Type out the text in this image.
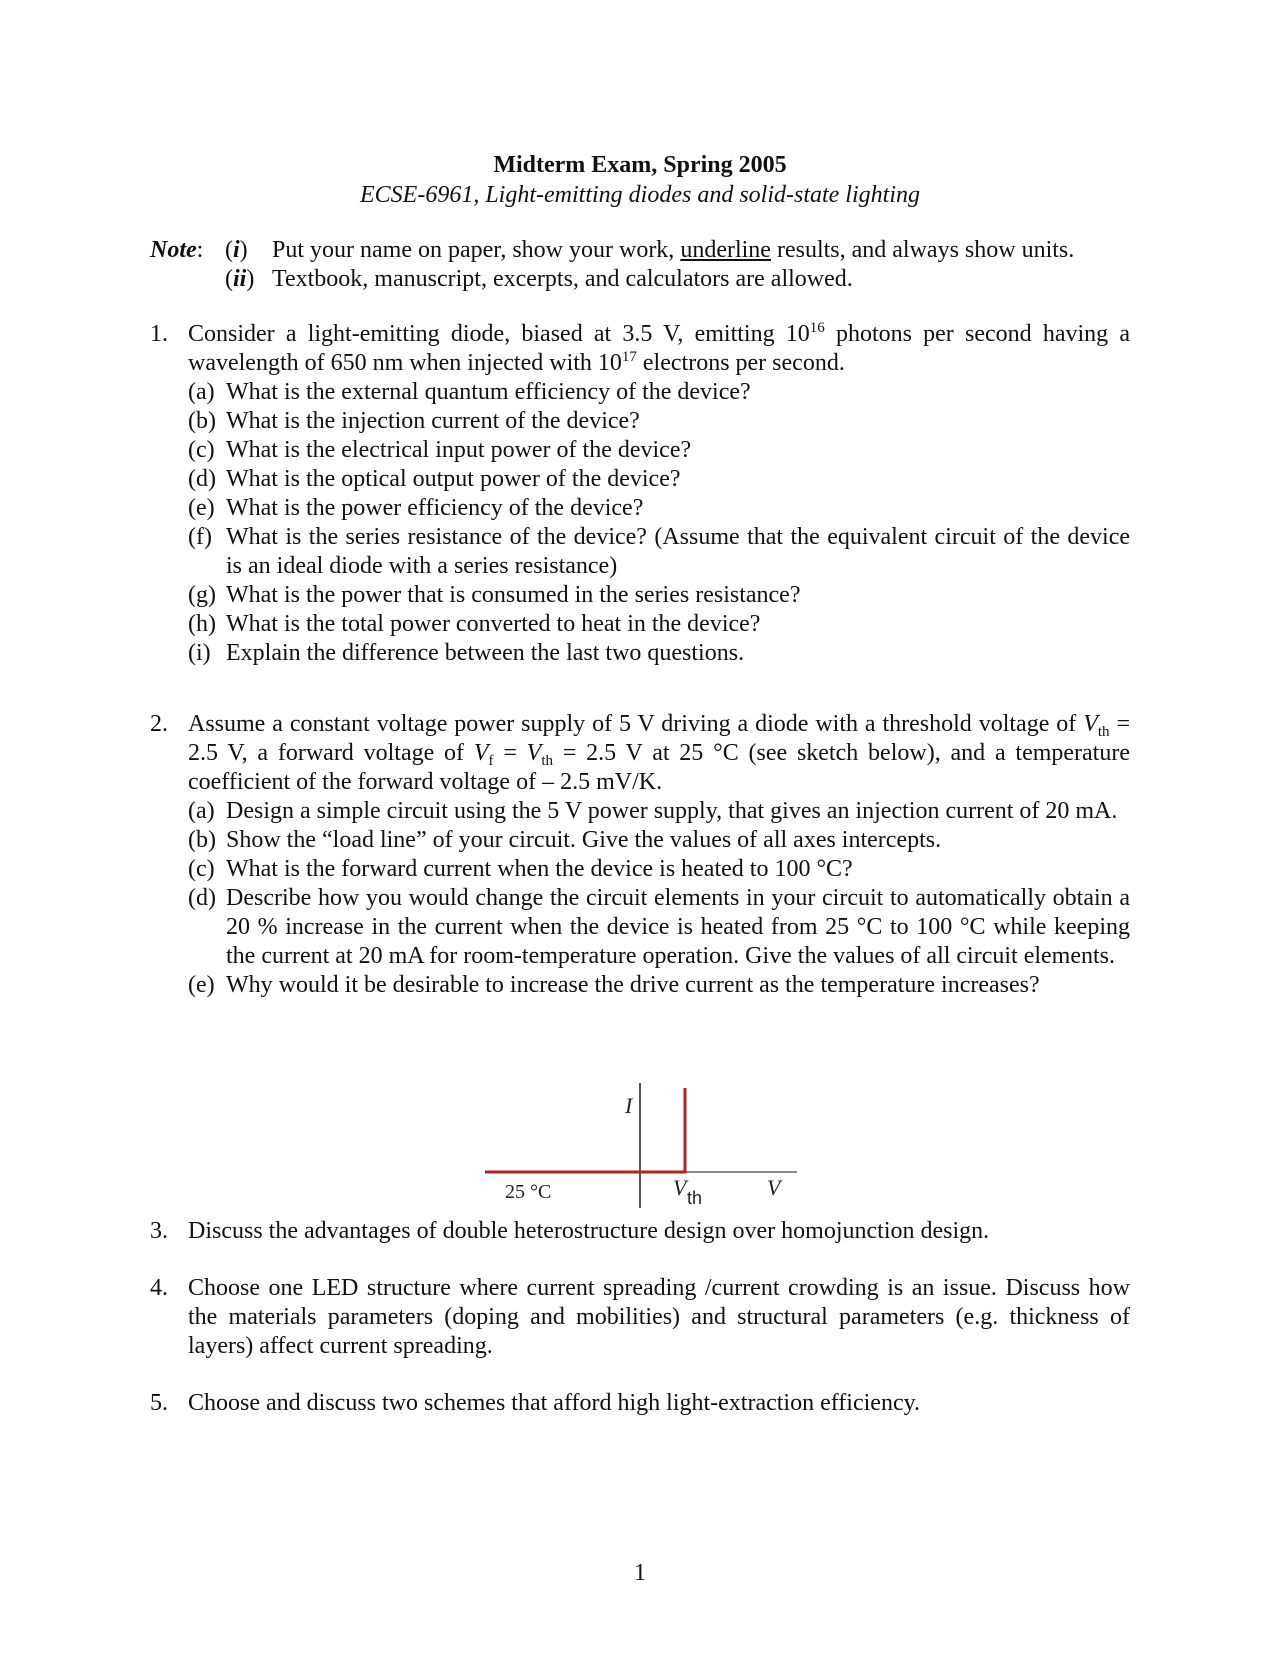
Midterm Exam, Spring 2005
ECSE-6961, Light-emitting diodes and solid-state lighting
Note: (i) Put your name on paper, show your work, underline results, and always show units.
(ii) Textbook, manuscript, excerpts, and calculators are allowed.
1. Consider a light-emitting diode, biased at 3.5 V, emitting $10^{16}$ photons per second having a wavelength of 650 nm when injected with $10^{17}$ electrons per second.
(a) What is the external quantum efficiency of the device?
(b) What is the injection current of the device?
(c) What is the electrical input power of the device?
(d) What is the optical output power of the device?
(e) What is the power efficiency of the device?
(f) What is the series resistance of the device? (Assume that the equivalent circuit of the device is an ideal diode with a series resistance)
(g) What is the power that is consumed in the series resistance?
(h) What is the total power converted to heat in the device?
(i) Explain the difference between the last two questions.
2. Assume a constant voltage power supply of 5 V driving a diode with a threshold voltage of $V_{th} = 2.5$ V, a forward voltage of $V_f = V_{th} = 2.5$ V at 25 °C (see sketch below), and a temperature coefficient of the forward voltage of – 2.5 mV/K.
(a) Design a simple circuit using the 5 V power supply, that gives an injection current of 20 mA.
(b) Show the “load line” of your circuit. Give the values of all axes intercepts.
(c) What is the forward current when the device is heated to 100 °C?
(d) Describe how you would change the circuit elements in your circuit to automatically obtain a 20 % increase in the current when the device is heated from 25 °C to 100 °C while keeping the current at 20 mA for room-temperature operation. Give the values of all circuit elements.
(e) Why would it be desirable to increase the drive current as the temperature increases?
I
V
25 °C	V th
3. Discuss the advantages of double heterostructure design over homojunction design.
4. Choose one LED structure where current spreading /current crowding is an issue. Discuss how the materials parameters (doping and mobilities) and structural parameters (e.g. thickness of layers) affect current spreading.
5. Choose and discuss two schemes that afford high light-extraction efficiency.
1
